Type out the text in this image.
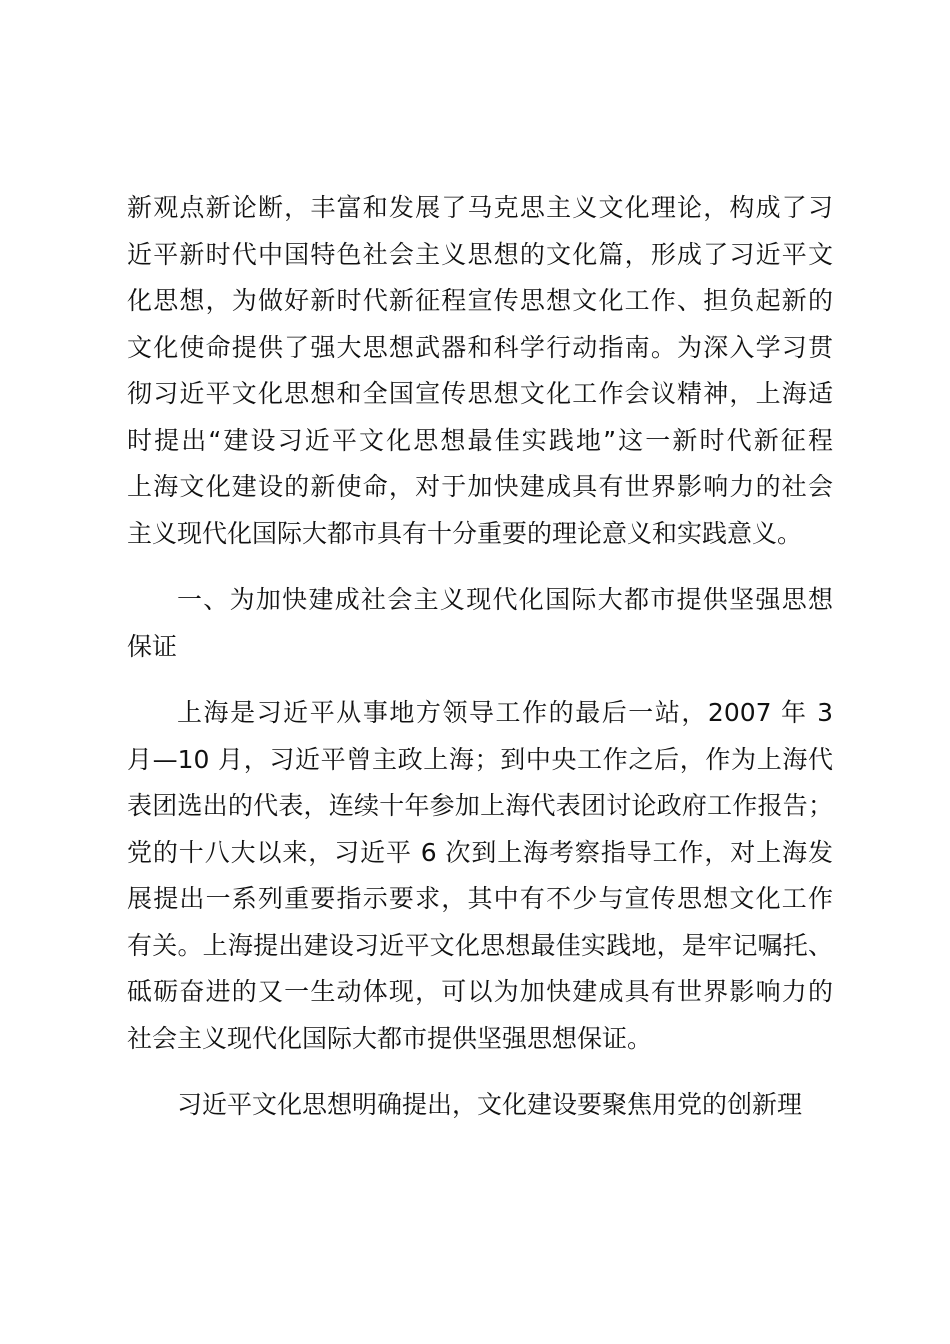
新观点新论断，丰富和发展了马克思主义文化理论，构成了习
近平新时代中国特色社会主义思想的文化篇，形成了习近平文
化思想，为做好新时代新征程宣传思想文化工作、担负起新的
文化使命提供了强大思想武器和科学行动指南。为深入学习贯
彻习近平文化思想和全国宣传思想文化工作会议精神，上海适
时提出“建设习近平文化思想最佳实践地”这一新时代新征程
上海文化建设的新使命，对于加快建成具有世界影响力的社会
主义现代化国际大都市具有十分重要的理论意义和实践意义。
一、为加快建成社会主义现代化国际大都市提供坚强思想
保证
上海是习近平从事地方领导工作的最后一站，2007 年 3
月—10 月，习近平曾主政上海；到中央工作之后，作为上海代
表团选出的代表，连续十年参加上海代表团讨论政府工作报告；
党的十八大以来，习近平 6 次到上海考察指导工作，对上海发
展提出一系列重要指示要求，其中有不少与宣传思想文化工作
有关。上海提出建设习近平文化思想最佳实践地，是牢记嘱托、
砥砺奋进的又一生动体现，可以为加快建成具有世界影响力的
社会主义现代化国际大都市提供坚强思想保证。
习近平文化思想明确提出，文化建设要聚焦用党的创新理
